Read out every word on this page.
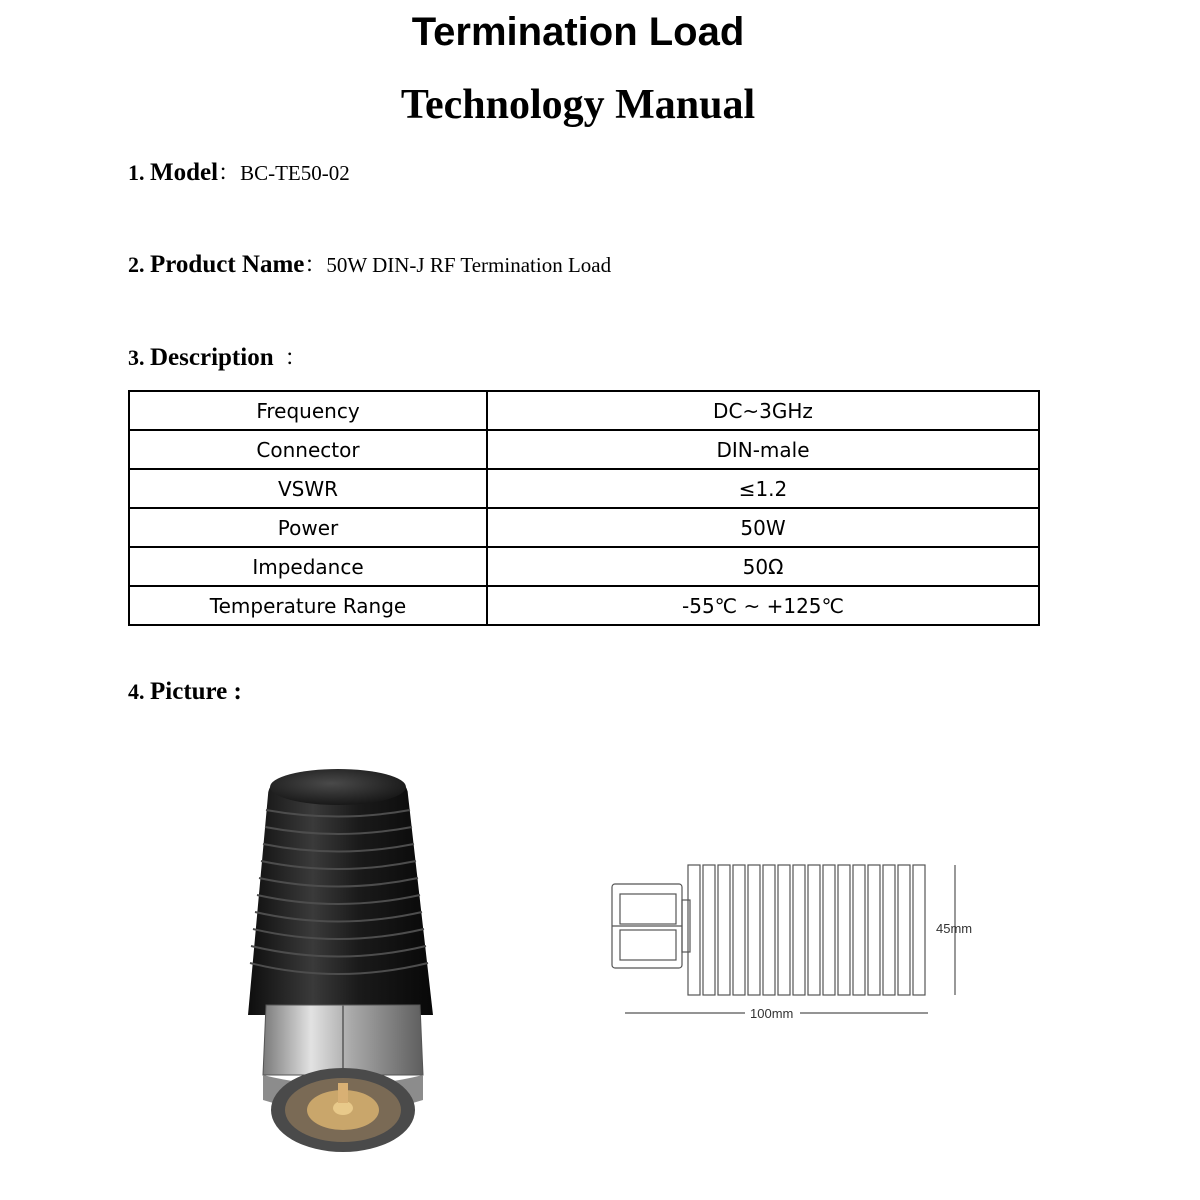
Termination Load
Technology Manual
1. Model：BC-TE50-02
2. Product Name：50W DIN-J RF Termination Load
3. Description  ：
Frequency	DC~3GHz
Connector	DIN-male
VSWR	≤1.2
Power	50W
Impedance	50Ω
Temperature Range	-55℃ ~ +125℃
4. Picture :
45mm
100mm
